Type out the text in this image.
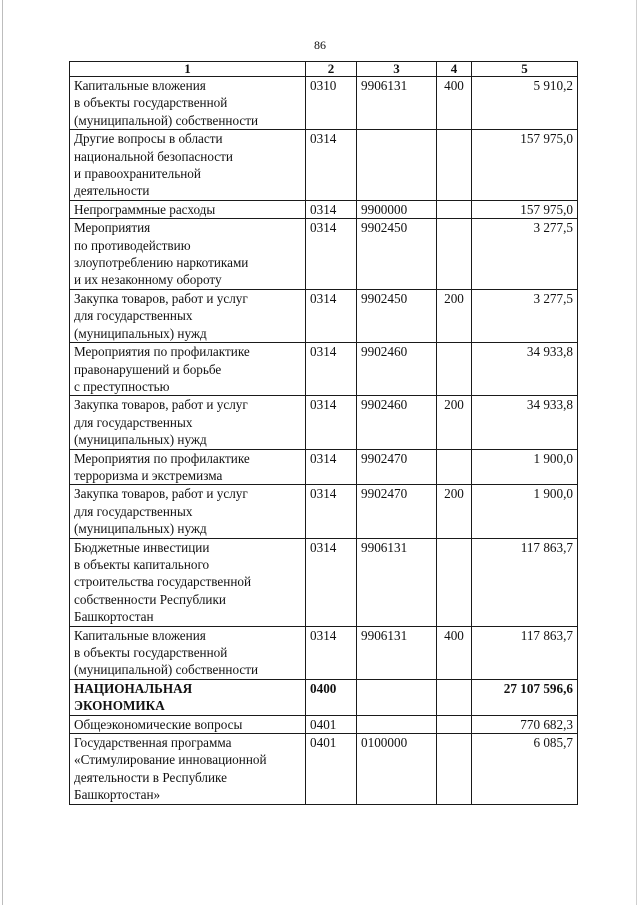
86
1	2	3	4	5

Капитальные вложения
в объекты государственной
(муниципальной) собственности	0310	9906131	400	5 910,2

Другие вопросы в области
национальной безопасности
и правоохранительной
деятельности	0314			157 975,0

Непрограммные расходы	0314	9900000		157 975,0

Мероприятия
по противодействию
злоупотреблению наркотиками
и их незаконному обороту	0314	9902450		3 277,5

Закупка товаров, работ и услуг
для государственных
(муниципальных) нужд	0314	9902450	200	3 277,5

Мероприятия по профилактике
правонарушений и борьбе
с преступностью	0314	9902460		34 933,8

Закупка товаров, работ и услуг
для государственных
(муниципальных) нужд	0314	9902460	200	34 933,8

Мероприятия по профилактике
терроризма и экстремизма	0314	9902470		1 900,0

Закупка товаров, работ и услуг
для государственных
(муниципальных) нужд	0314	9902470	200	1 900,0

Бюджетные инвестиции
в объекты капитального
строительства государственной
собственности Республики
Башкортостан	0314	9906131		117 863,7

Капитальные вложения
в объекты государственной
(муниципальной) собственности	0314	9906131	400	117 863,7

НАЦИОНАЛЬНАЯ
ЭКОНОМИКА	0400			27 107 596,6

Общеэкономические вопросы	0401			770 682,3

Государственная программа
«Стимулирование инновационной
деятельности в Республике
Башкортостан»	0401	0100000		6 085,7
